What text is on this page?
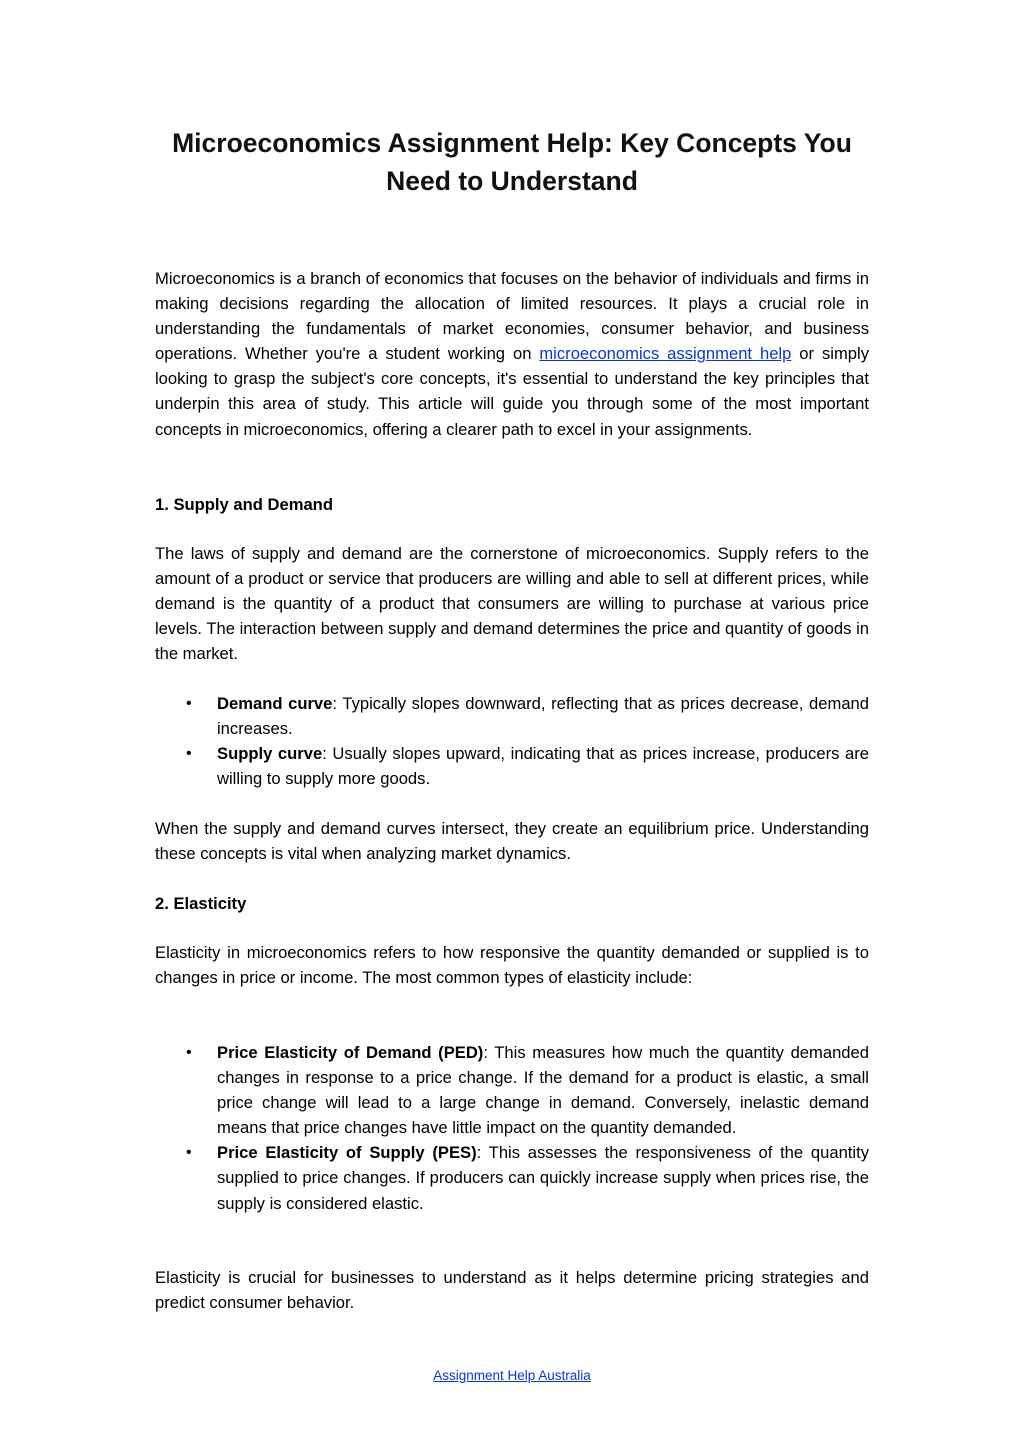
Microeconomics Assignment Help: Key Concepts You Need to Understand

Microeconomics is a branch of economics that focuses on the behavior of individuals and firms in making decisions regarding the allocation of limited resources. It plays a crucial role in understanding the fundamentals of market economies, consumer behavior, and business operations. Whether you're a student working on microeconomics assignment help or simply looking to grasp the subject's core concepts, it's essential to understand the key principles that underpin this area of study. This article will guide you through some of the most important concepts in microeconomics, offering a clearer path to excel in your assignments.

1. Supply and Demand

The laws of supply and demand are the cornerstone of microeconomics. Supply refers to the amount of a product or service that producers are willing and able to sell at different prices, while demand is the quantity of a product that consumers are willing to purchase at various price levels. The interaction between supply and demand determines the price and quantity of goods in the market.

• Demand curve: Typically slopes downward, reflecting that as prices decrease, demand increases.
• Supply curve: Usually slopes upward, indicating that as prices increase, producers are willing to supply more goods.

When the supply and demand curves intersect, they create an equilibrium price. Understanding these concepts is vital when analyzing market dynamics.

2. Elasticity

Elasticity in microeconomics refers to how responsive the quantity demanded or supplied is to changes in price or income. The most common types of elasticity include:

• Price Elasticity of Demand (PED): This measures how much the quantity demanded changes in response to a price change. If the demand for a product is elastic, a small price change will lead to a large change in demand. Conversely, inelastic demand means that price changes have little impact on the quantity demanded.
• Price Elasticity of Supply (PES): This assesses the responsiveness of the quantity supplied to price changes. If producers can quickly increase supply when prices rise, the supply is considered elastic.

Elasticity is crucial for businesses to understand as it helps determine pricing strategies and predict consumer behavior.

Assignment Help Australia
